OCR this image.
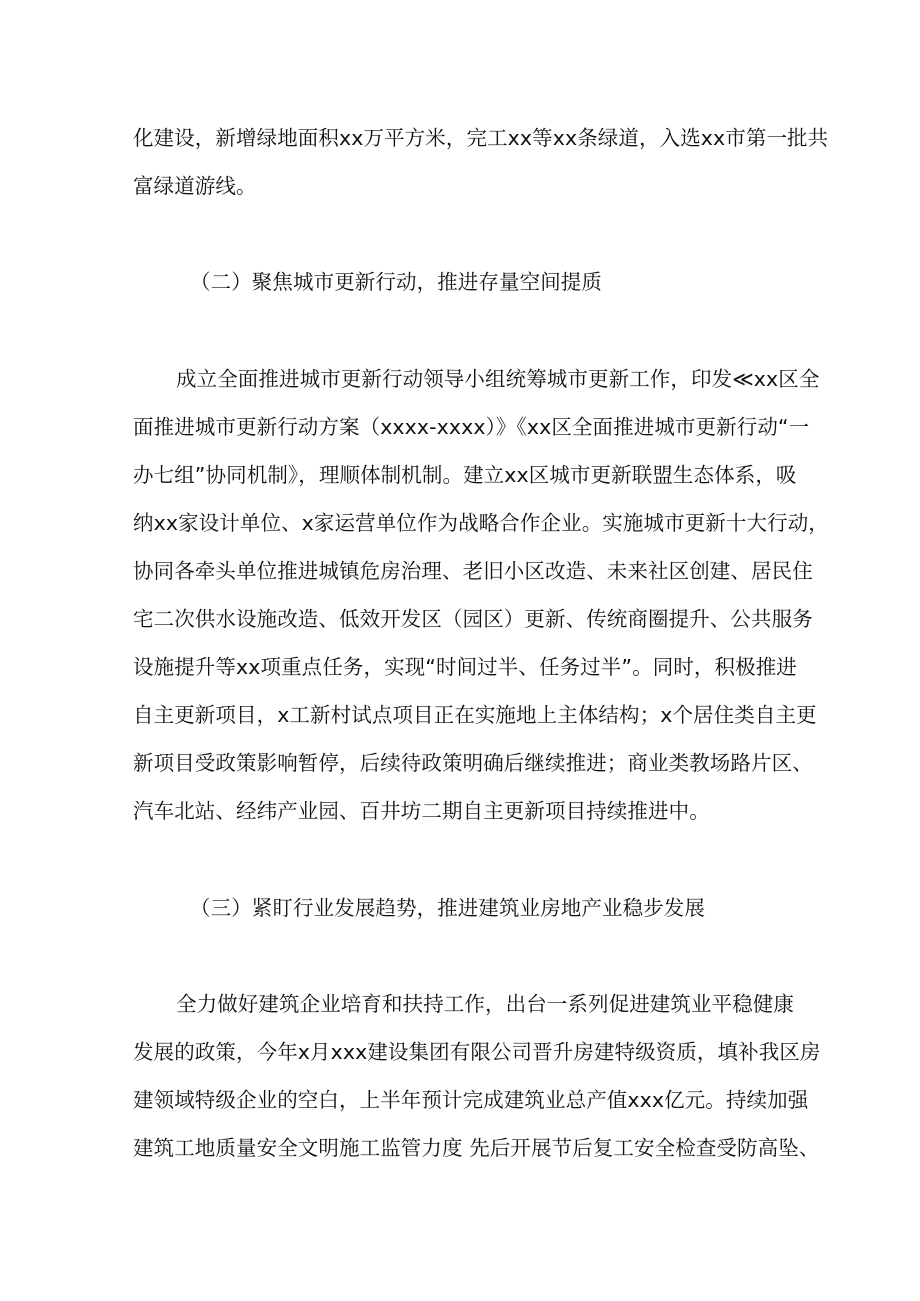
化建设，新增绿地面积xx万平方米，完工xx等xx条绿道，入选xx市第一批共
富绿道游线。
（二）聚焦城市更新行动，推进存量空间提质
成立全面推进城市更新行动领导小组统筹城市更新工作，印发≪xx区全
面推进城市更新行动方案（xxxx-xxxx）》《xx区全面推进城市更新行动“一
办七组”协同机制》，理顺体制机制。建立xx区城市更新联盟生态体系，吸
纳xx家设计单位、x家运营单位作为战略合作企业。实施城市更新十大行动，
协同各牵头单位推进城镇危房治理、老旧小区改造、未来社区创建、居民住
宅二次供水设施改造、低效开发区（园区）更新、传统商圈提升、公共服务
设施提升等xx项重点任务，实现“时间过半、任务过半”。同时，积极推进
自主更新项目，x工新村试点项目正在实施地上主体结构；x个居住类自主更
新项目受政策影响暂停，后续待政策明确后继续推进；商业类教场路片区、
汽车北站、经纬产业园、百井坊二期自主更新项目持续推进中。
（三）紧盯行业发展趋势，推进建筑业房地产业稳步发展
全力做好建筑企业培育和扶持工作，出台一系列促进建筑业平稳健康
发展的政策，今年x月xxx建设集团有限公司晋升房建特级资质，填补我区房
建领域特级企业的空白，上半年预计完成建筑业总产值xxx亿元。持续加强
建筑工地质量安全文明施工监管力度 先后开展节后复工安全检查受防高坠、
